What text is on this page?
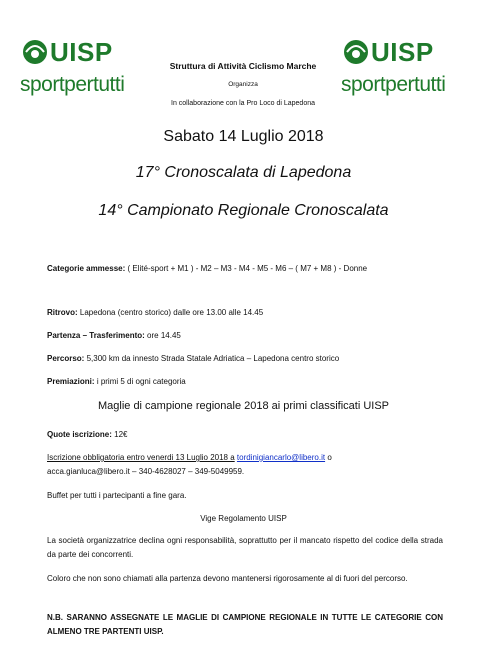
UISP
sportpertutti
UISP
sportpertutti
Struttura di Attività Ciclismo Marche
Organizza
In collaborazione con la Pro Loco di Lapedona
Sabato 14 Luglio 2018
17° Cronoscalata di Lapedona
14° Campionato Regionale Cronoscalata
Categorie ammesse: ( Elité-sport + M1 ) - M2 – M3 - M4 - M5 - M6 – ( M7 + M8 ) - Donne
Ritrovo: Lapedona (centro storico) dalle ore 13.00 alle 14.45
Partenza – Trasferimento: ore 14.45
Percorso: 5,300 km da innesto Strada Statale Adriatica – Lapedona centro storico
Premiazioni: i primi 5 di ogni categoria
Maglie di campione regionale 2018 ai primi classificati UISP
Quote iscrizione: 12€
Iscrizione obbligatoria entro venerdi 13 Luglio 2018 a tordinigiancarlo@libero.it o
acca.gianluca@libero.it – 340-4628027 – 349-5049959.
Buffet per tutti i partecipanti a fine gara.
Vige Regolamento UISP
La società organizzatrice declina ogni responsabilità, soprattutto per il mancato rispetto del codice della strada da parte dei concorrenti.
Coloro che non sono chiamati alla partenza devono mantenersi rigorosamente al di fuori del percorso.
N.B. SARANNO ASSEGNATE LE MAGLIE DI CAMPIONE REGIONALE IN TUTTE LE CATEGORIE CON ALMENO TRE PARTENTI UISP.
